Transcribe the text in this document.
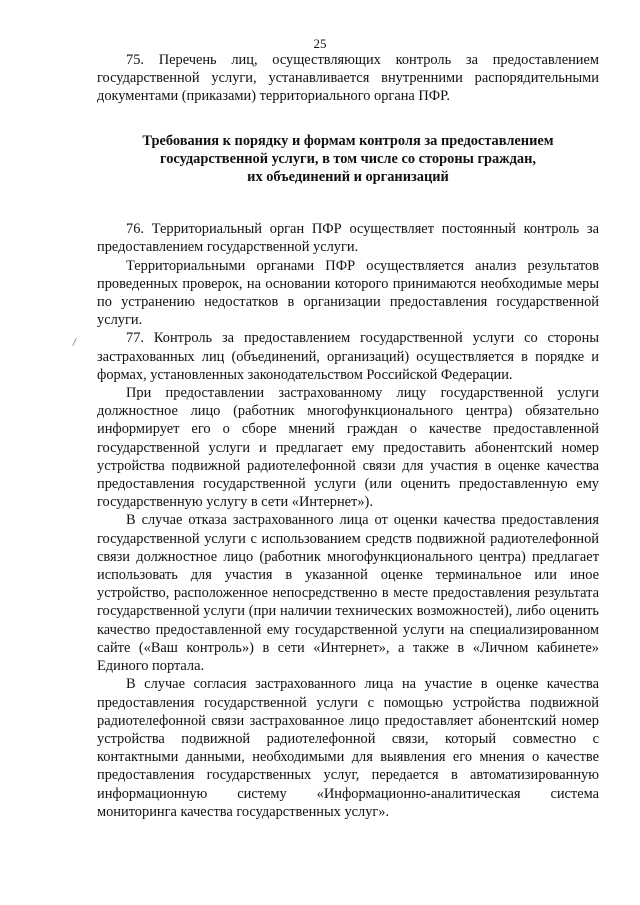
25

75. Перечень лиц, осуществляющих контроль за предоставлением государственной услуги, устанавливается внутренними распорядительными документами (приказами) территориального органа ПФР.

Требования к порядку и формам контроля за предоставлением
государственной услуги, в том числе со стороны граждан,
их объединений и организаций

76. Территориальный орган ПФР осуществляет постоянный контроль за предоставлением государственной услуги.

Территориальными органами ПФР осуществляется анализ результатов проведенных проверок, на основании которого принимаются необходимые меры по устранению недостатков в организации предоставления государственной услуги.

77. Контроль за предоставлением государственной услуги со стороны застрахованных лиц (объединений, организаций) осуществляется в порядке и формах, установленных законодательством Российской Федерации.

При предоставлении застрахованному лицу государственной услуги должностное лицо (работник многофункционального центра) обязательно информирует его о сборе мнений граждан о качестве предоставленной государственной услуги и предлагает ему предоставить абонентский номер устройства подвижной радиотелефонной связи для участия в оценке качества предоставления государственной услуги (или оценить предоставленную ему государственную услугу в сети «Интернет»).

В случае отказа застрахованного лица от оценки качества предоставления государственной услуги с использованием средств подвижной радиотелефонной связи должностное лицо (работник многофункционального центра) предлагает использовать для участия в указанной оценке терминальное или иное устройство, расположенное непосредственно в месте предоставления результата государственной услуги (при наличии технических возможностей), либо оценить качество предоставленной ему государственной услуги на специализированном сайте («Ваш контроль») в сети «Интернет», а также в «Личном кабинете» Единого портала.

В случае согласия застрахованного лица на участие в оценке качества предоставления государственной услуги с помощью устройства подвижной радиотелефонной связи застрахованное лицо предоставляет абонентский номер устройства подвижной радиотелефонной связи, который совместно с контактными данными, необходимыми для выявления его мнения о качестве предоставления государственных услуг, передается в автоматизированную информационную систему «Информационно-аналитическая система мониторинга качества государственных услуг».
